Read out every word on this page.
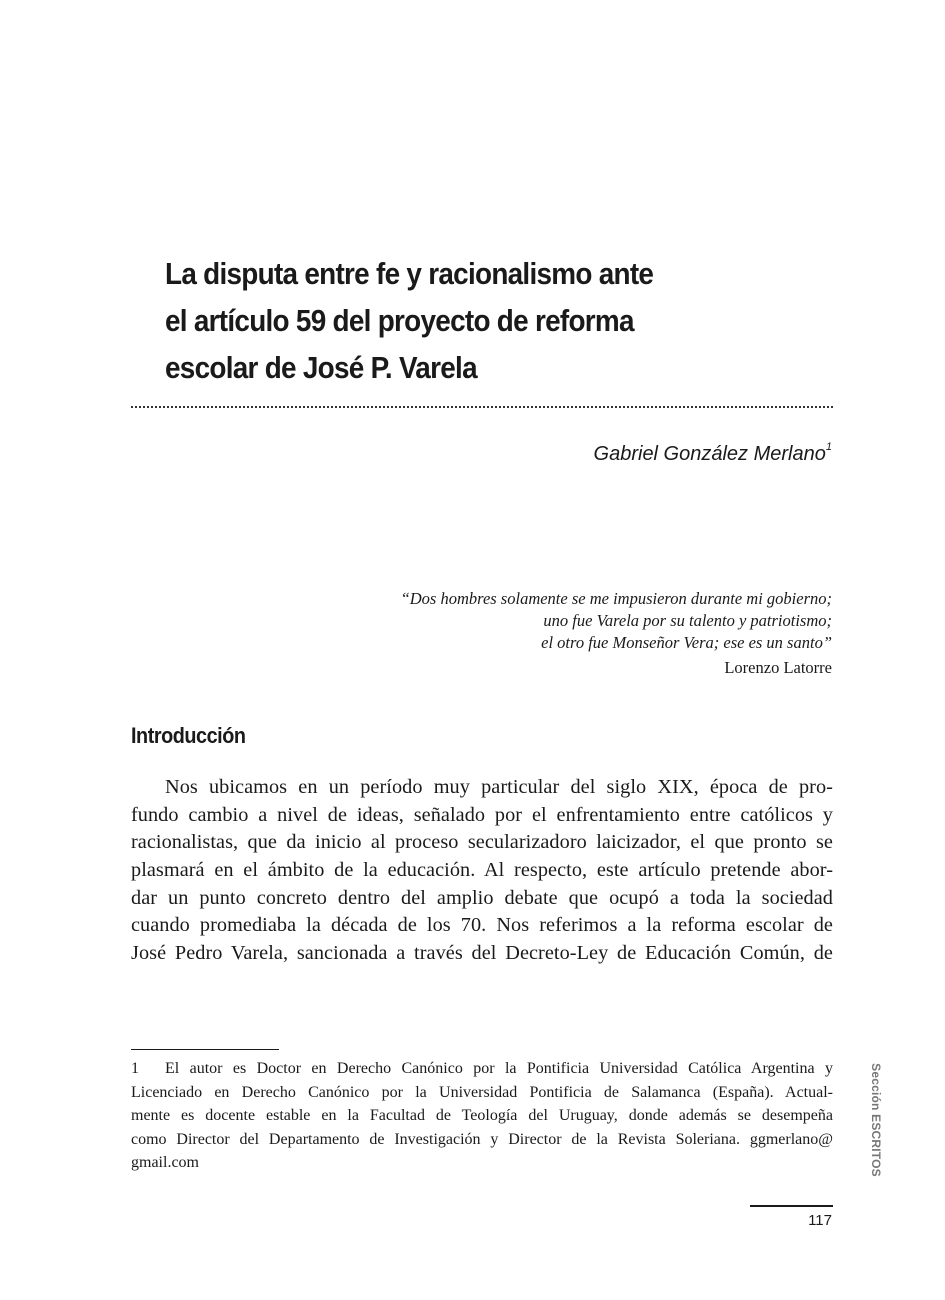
La disputa entre fe y racionalismo ante
el artículo 59 del proyecto de reforma
escolar de José P. Varela
Gabriel González Merlano$^1$
“Dos hombres solamente se me impusieron durante mi gobierno;
uno fue Varela por su talento y patriotismo;
el otro fue Monseñor Vera; ese es un santo”
Lorenzo Latorre
Introducción
Nos ubicamos en un período muy particular del siglo XIX, época de pro-
fundo cambio a nivel de ideas, señalado por el enfrentamiento entre católicos y
racionalistas, que da inicio al proceso secularizadoro laicizador, el que pronto se
plasmará en el ámbito de la educación. Al respecto, este artículo pretende abor-
dar un punto concreto dentro del amplio debate que ocupó a toda la sociedad
cuando promediaba la década de los 70. Nos referimos a la reforma escolar de
José Pedro Varela, sancionada a través del Decreto-Ley de Educación Común, de
1 El autor es Doctor en Derecho Canónico por la Pontificia Universidad Católica Argentina y
Licenciado en Derecho Canónico por la Universidad Pontificia de Salamanca (España). Actual-
mente es docente estable en la Facultad de Teología del Uruguay, donde además se desempeña
como Director del Departamento de Investigación y Director de la Revista Soleriana. ggmerlano@
gmail.com	Sección ESCRITOS
117
